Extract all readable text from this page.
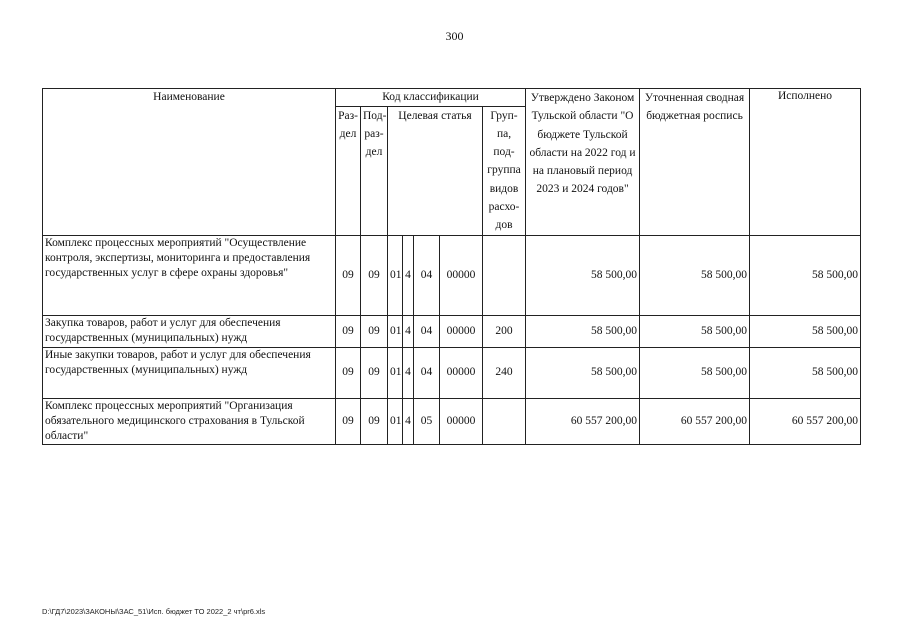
300
Наименование	Код классификации							Утверждено Законом Тульской области "О бюджете Тульской области на 2022 год и на плановый период 2023 и 2024 годов"	Уточненная сводная бюджетная роспись	Исполнено
	Раз- дел	Под- раз- дел	Целевая статья				Груп- па, под- группа видов расхо- дов			
Комплекс процессных мероприятий "Осуществление контроля, экспертизы, мониторинга и предоставления государственных услуг в сфере охраны здоровья"	09	09	01	4	04	00000		58 500,00	58 500,00	58 500,00
Закупка товаров, работ и услуг для обеспечения государственных (муниципальных) нужд	09	09	01	4	04	00000	200	58 500,00	58 500,00	58 500,00
Иные закупки товаров, работ и услуг для обеспечения государственных (муниципальных) нужд	09	09	01	4	04	00000	240	58 500,00	58 500,00	58 500,00
Комплекс процессных мероприятий "Организация обязательного медицинского страхования в Тульской области"	09	09	01	4	05	00000		60 557 200,00	60 557 200,00	60 557 200,00
D:\ГД7\2023\ЗАКОНЫ\ЗАС_51\Исп. бюджет ТО 2022_2 чт\pr6.xls
